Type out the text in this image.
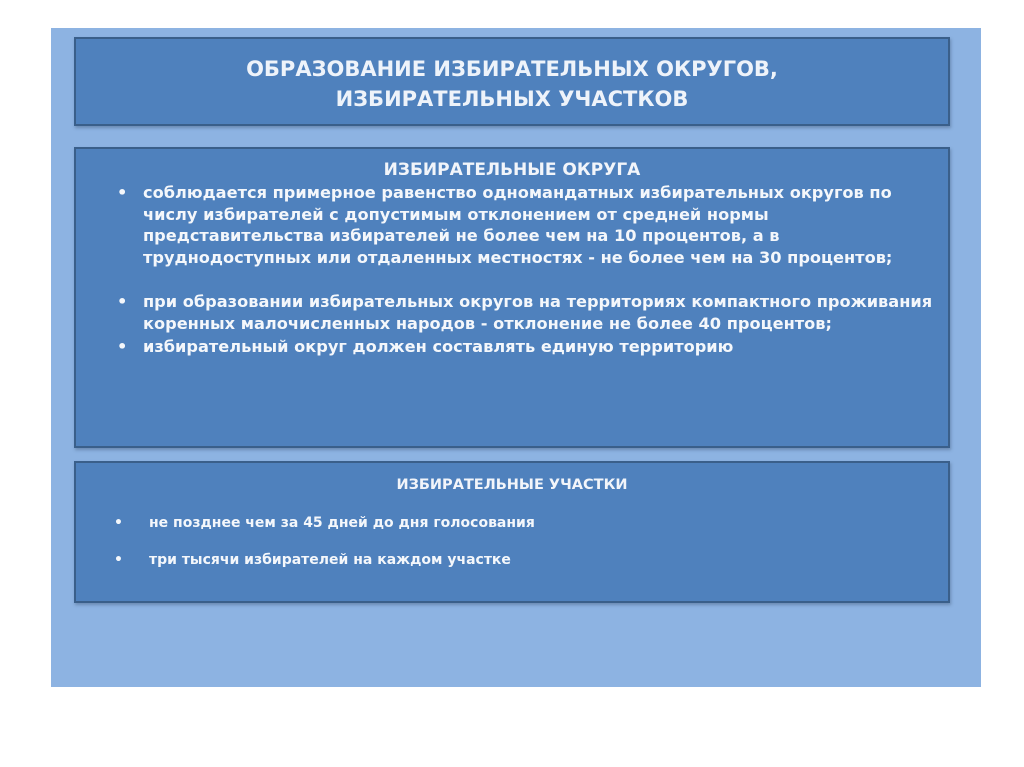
ОБРАЗОВАНИЕ ИЗБИРАТЕЛЬНЫХ ОКРУГОВ,
ИЗБИРАТЕЛЬНЫХ УЧАСТКОВ
ИЗБИРАТЕЛЬНЫЕ ОКРУГА
• соблюдается примерное равенство одномандатных избирательных округов по числу избирателей с допустимым отклонением от средней нормы представительства избирателей не более чем на 10 процентов, а в труднодоступных или отдаленных местностях - не более чем на 30 процентов;
• при образовании избирательных округов на территориях компактного проживания коренных малочисленных народов - отклонение не более 40 процентов;
• избирательный округ должен составлять единую территорию
ИЗБИРАТЕЛЬНЫЕ УЧАСТКИ
• не позднее чем за 45 дней до дня голосования
• три тысячи избирателей на каждом участке
